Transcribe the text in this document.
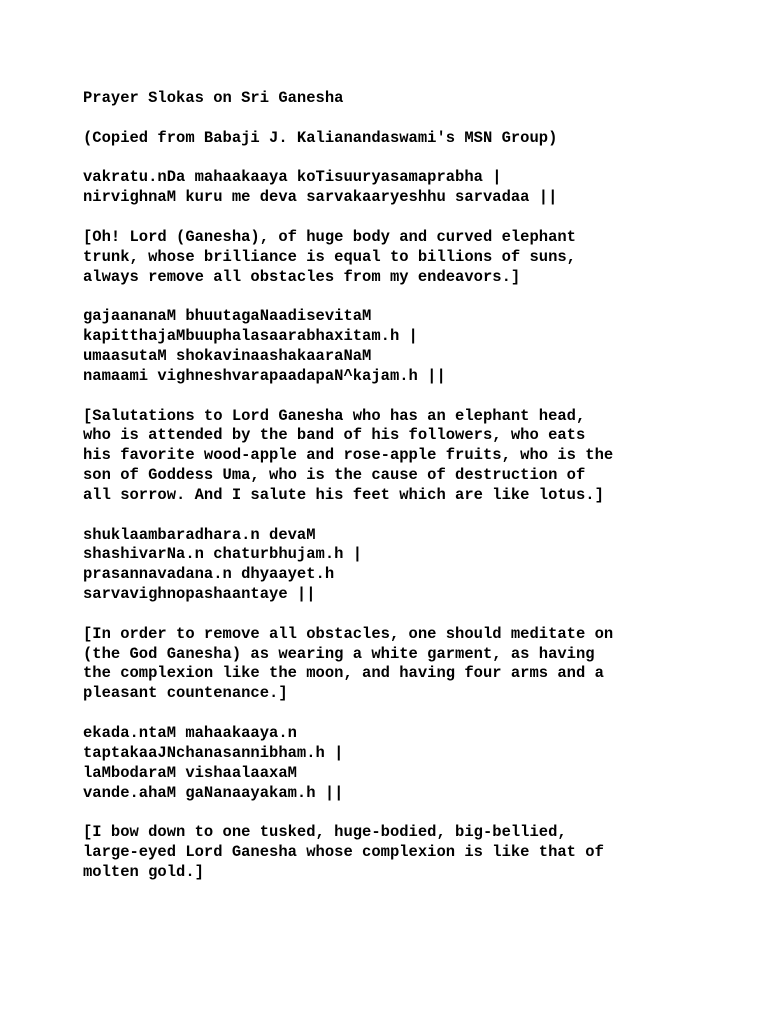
Prayer Slokas on Sri Ganesha
(Copied from Babaji J. Kalianandaswami's MSN Group)
vakratu.nDa mahaakaaya koTisuuryasamaprabha |
nirvighnaM kuru me deva sarvakaaryeshhu sarvadaa ||
[Oh! Lord (Ganesha), of huge body and curved elephant
trunk, whose brilliance is equal to billions of suns,
always remove all obstacles from my endeavors.]
gajaananaM bhuutagaNaadisevitaM
kapitthajaMbuuphalasaarabhaxitam.h |
umaasutaM shokavinaashakaaraNaM
namaami vighneshvarapaadapaN^kajam.h ||
[Salutations to Lord Ganesha who has an elephant head,
who is attended by the band of his followers, who eats
his favorite wood-apple and rose-apple fruits, who is the
son of Goddess Uma, who is the cause of destruction of
all sorrow. And I salute his feet which are like lotus.]
shuklaambaradhara.n devaM
shashivarNa.n chaturbhujam.h |
prasannavadana.n dhyaayet.h
sarvavighnopashaantaye ||
[In order to remove all obstacles, one should meditate on
(the God Ganesha) as wearing a white garment, as having
the complexion like the moon, and having four arms and a
pleasant countenance.]
ekada.ntaM mahaakaaya.n
taptakaaJNchanasannibham.h |
laMbodaraM vishaalaaxaM
vande.ahaM gaNanaayakam.h ||
[I bow down to one tusked, huge-bodied, big-bellied,
large-eyed Lord Ganesha whose complexion is like that of
molten gold.]
